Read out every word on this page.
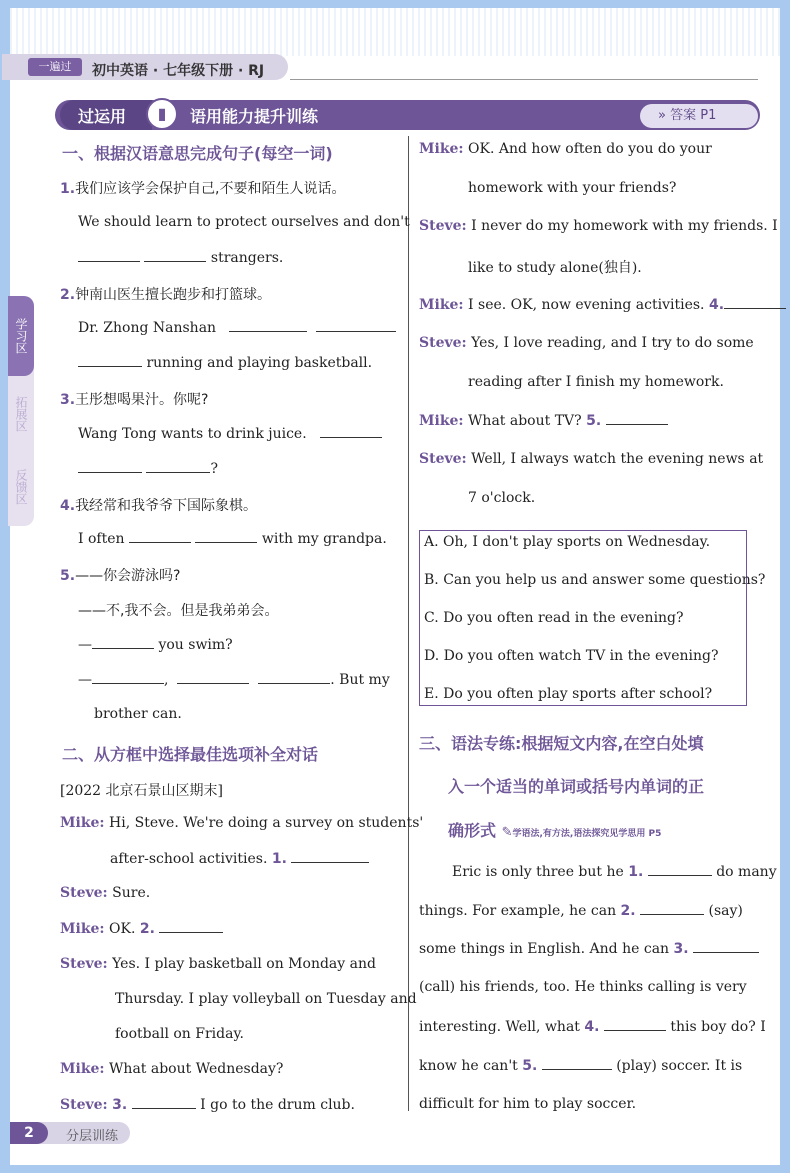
一遍过	初中英语 · 七年级下册 · RJ
过运用	▮	语用能力提升训练	» 答案 P1
学习区
拓展区
反馈区
一、根据汉语意思完成句子(每空一词)
1.我们应该学会保护自己,不要和陌生人说话。
We should learn to protect ourselves and don't
strangers.
2.钟南山医生擅长跑步和打篮球。
Dr. Zhong Nanshan
running and playing basketball.
3.王彤想喝果汁。你呢?
Wang Tong wants to drink juice.
?
4.我经常和我爷爷下国际象棋。
I often	with my grandpa.
5.——你会游泳吗?
——不,我不会。但是我弟弟会。
—	you swim?
—	,	. But my
brother can.
二、从方框中选择最佳选项补全对话
[2022 北京石景山区期末]
Mike: Hi, Steve. We're doing a survey on students'
after-school activities. 1.
Steve: Sure.
Mike: OK. 2.
Steve: Yes. I play basketball on Monday and
Thursday. I play volleyball on Tuesday and
football on Friday.
Mike: What about Wednesday?
Steve: 3.	I go to the drum club.
Mike: OK. And how often do you do your
homework with your friends?
Steve: I never do my homework with my friends. I
like to study alone(独自).
Mike: I see. OK, now evening activities. 4.
Steve: Yes, I love reading, and I try to do some
reading after I finish my homework.
Mike: What about TV? 5.
Steve: Well, I always watch the evening news at
7 o'clock.
A. Oh, I don't play sports on Wednesday.
B. Can you help us and answer some questions?
C. Do you often read in the evening?
D. Do you often watch TV in the evening?
E. Do you often play sports after school?
三、语法专练:根据短文内容,在空白处填
入一个适当的单词或括号内单词的正
确形式 ✎学语法,有方法,语法探究见学思用 P5
Eric is only three but he 1.	do many
things. For example, he can 2.	(say)
some things in English. And he can 3.
(call) his friends, too. He thinks calling is very
interesting. Well, what 4.	this boy do? I
know he can't 5.	(play) soccer. It is
difficult for him to play soccer.
2	分层训练
